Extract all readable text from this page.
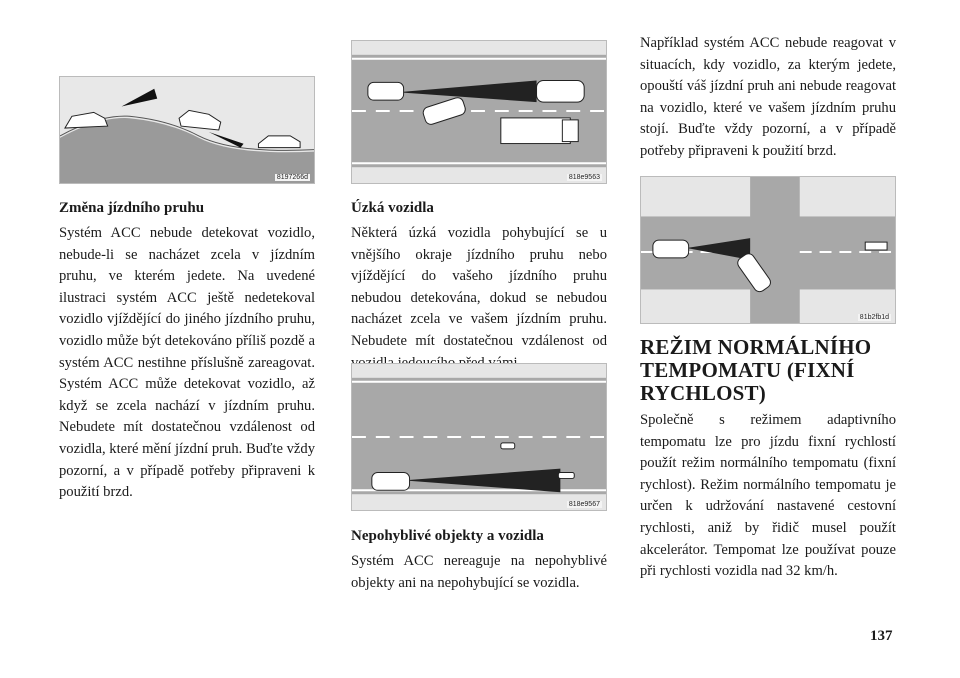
8197266d
Změna jízdního pruhu
Systém ACC nebude detekovat vozidlo, nebude-li se nacházet zcela v jízdním pruhu, ve kterém jedete. Na uvedené ilustraci systém ACC ještě nedetekoval vozidlo vjíždějící do jiného jízdního pruhu, vozidlo může být detekováno příliš pozdě a systém ACC nestihne příslušně zareagovat. Systém ACC může detekovat vozidlo, až když se zcela nachází v jízdním pruhu. Nebudete mít dostatečnou vzdálenost od vozidla, které mění jízdní pruh. Buďte vždy pozorní, a v případě potřeby připraveni k použití brzd.
818e9563
Úzká vozidla
Některá úzká vozidla pohybující se u vnějšího okraje jízdního pruhu nebo vjíždějící do vašeho jízdního pruhu nebudou detekována, dokud se nebudou nacházet zcela ve vašem jízdním pruhu. Nebudete mít dostatečnou vzdálenost od
818e9567
Nepohyblivé objekty a vozidla
Systém ACC nereaguje na nepohyblivé objekty ani na nepohybující se vozidla.
Například systém ACC nebude reagovat v situacích, kdy vozidlo, za kterým jedete, opouští váš jízdní pruh ani nebude reagovat na vozidlo, které ve vašem jízdním pruhu stojí. Buďte vždy pozorní, a v případě potřeby připraveni k použití brzd.
81b2fb1d
REŽIM NORMÁLNÍHO TEMPOMATU (FIXNÍ RYCHLOST)
Společně s režimem adaptivního tempomatu lze pro jízdu fixní rychlostí použít režim normálního tempomatu (fixní rychlost). Režim normálního tempomatu je určen k udržování nastavené cestovní rychlosti, aniž by řidič musel použít akcelerátor. Tempomat lze používat pouze při rychlosti vozidla nad 32 km/h.
137
